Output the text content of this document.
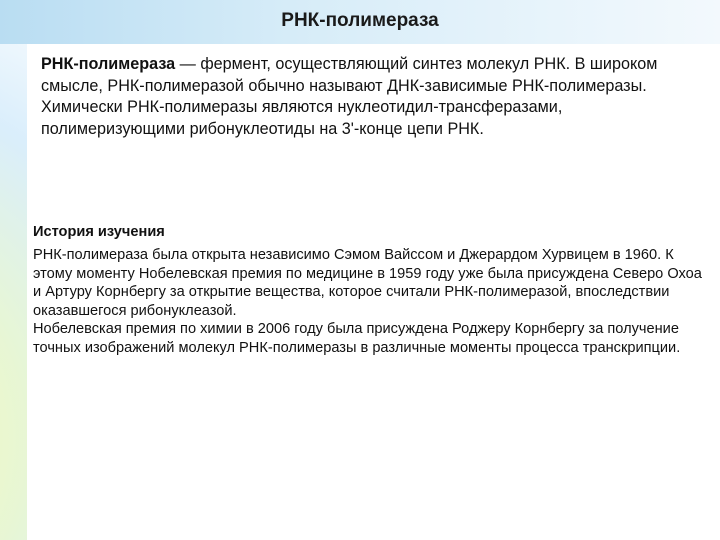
РНК-полимераза

РНК-полимераза — фермент, осуществляющий синтез молекул РНК. В широком смысле, РНК-полимеразой обычно называют ДНК-зависимые РНК-полимеразы. Химически РНК-полимеразы являются нуклеотидил-трансферазами, полимеризующими рибонуклеотиды на 3'-конце цепи РНК.

История изучения

РНК-полимераза была открыта независимо Сэмом Вайссом и Джерардом Хурвицем в 1960. К этому моменту Нобелевская премия по медицине в 1959 году уже была присуждена Северо Охоа и Артуру Корнбергу за открытие вещества, которое считали РНК-полимеразой, впоследствии оказавшегося рибонуклеазой.

Нобелевская премия по химии в 2006 году была присуждена Роджеру Корнбергу за получение точных изображений молекул РНК-полимеразы в различные моменты процесса транскрипции.
